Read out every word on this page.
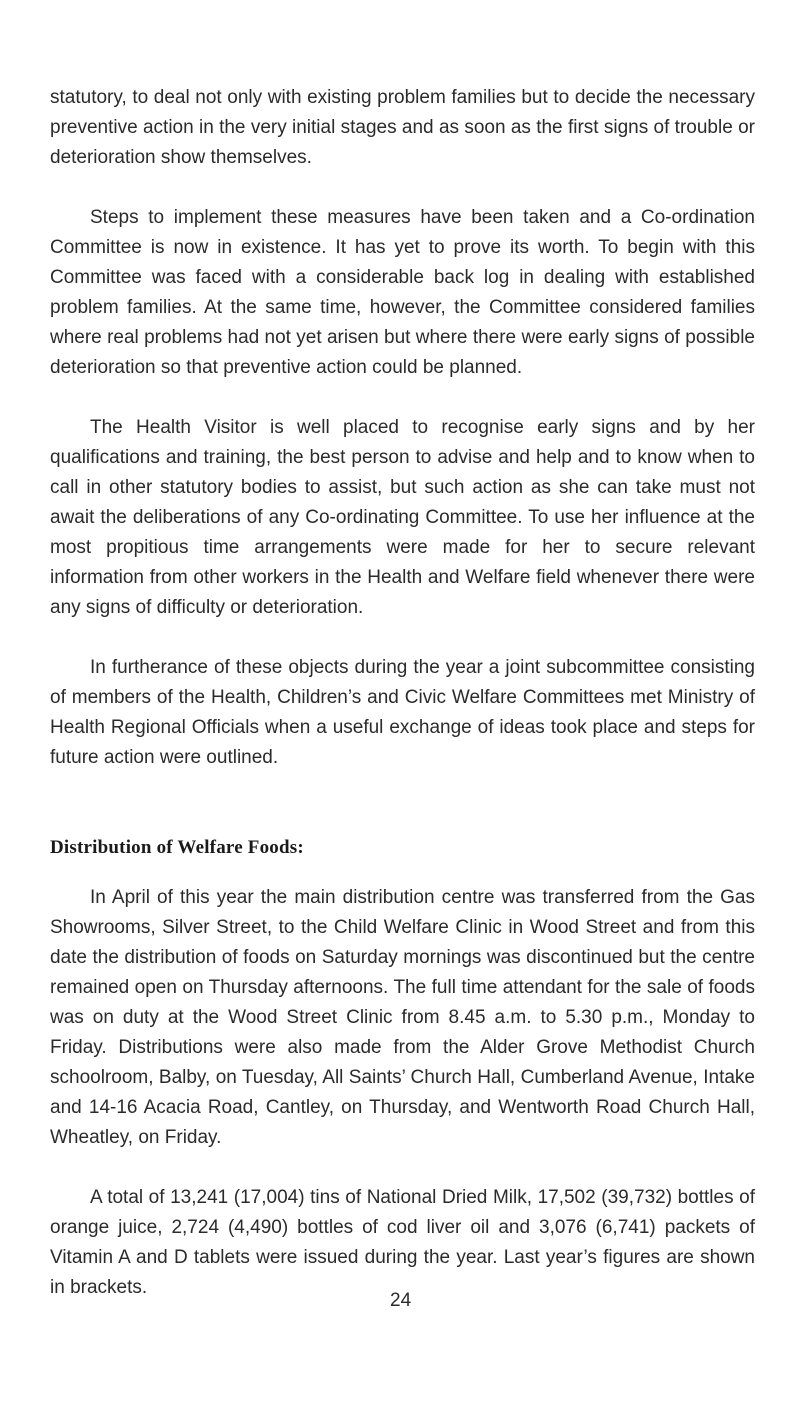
statutory, to deal not only with existing problem families but to decide the necessary preventive action in the very initial stages and as soon as the first signs of trouble or deterioration show themselves.

Steps to implement these measures have been taken and a Co-ordination Committee is now in existence. It has yet to prove its worth. To begin with this Committee was faced with a considerable back log in dealing with established problem families. At the same time, however, the Committee considered families where real problems had not yet arisen but where there were early signs of possible deterioration so that preventive action could be planned.

The Health Visitor is well placed to recognise early signs and by her qualifications and training, the best person to advise and help and to know when to call in other statutory bodies to assist, but such action as she can take must not await the deliberations of any Co-ordinating Committee. To use her influence at the most propitious time arrangements were made for her to secure relevant information from other workers in the Health and Welfare field whenever there were any signs of difficulty or deterioration.

In furtherance of these objects during the year a joint subcommittee consisting of members of the Health, Children’s and Civic Welfare Committees met Ministry of Health Regional Officials when a useful exchange of ideas took place and steps for future action were outlined.

Distribution of Welfare Foods:

In April of this year the main distribution centre was transferred from the Gas Showrooms, Silver Street, to the Child Welfare Clinic in Wood Street and from this date the distribution of foods on Saturday mornings was discontinued but the centre remained open on Thursday afternoons. The full time attendant for the sale of foods was on duty at the Wood Street Clinic from 8.45 a.m. to 5.30 p.m., Monday to Friday. Distributions were also made from the Alder Grove Methodist Church schoolroom, Balby, on Tuesday, All Saints’ Church Hall, Cumberland Avenue, Intake and 14-16 Acacia Road, Cantley, on Thursday, and Wentworth Road Church Hall, Wheatley, on Friday.

A total of 13,241 (17,004) tins of National Dried Milk, 17,502 (39,732) bottles of orange juice, 2,724 (4,490) bottles of cod liver oil and 3,076 (6,741) packets of Vitamin A and D tablets were issued during the year. Last year’s figures are shown in brackets.

24
